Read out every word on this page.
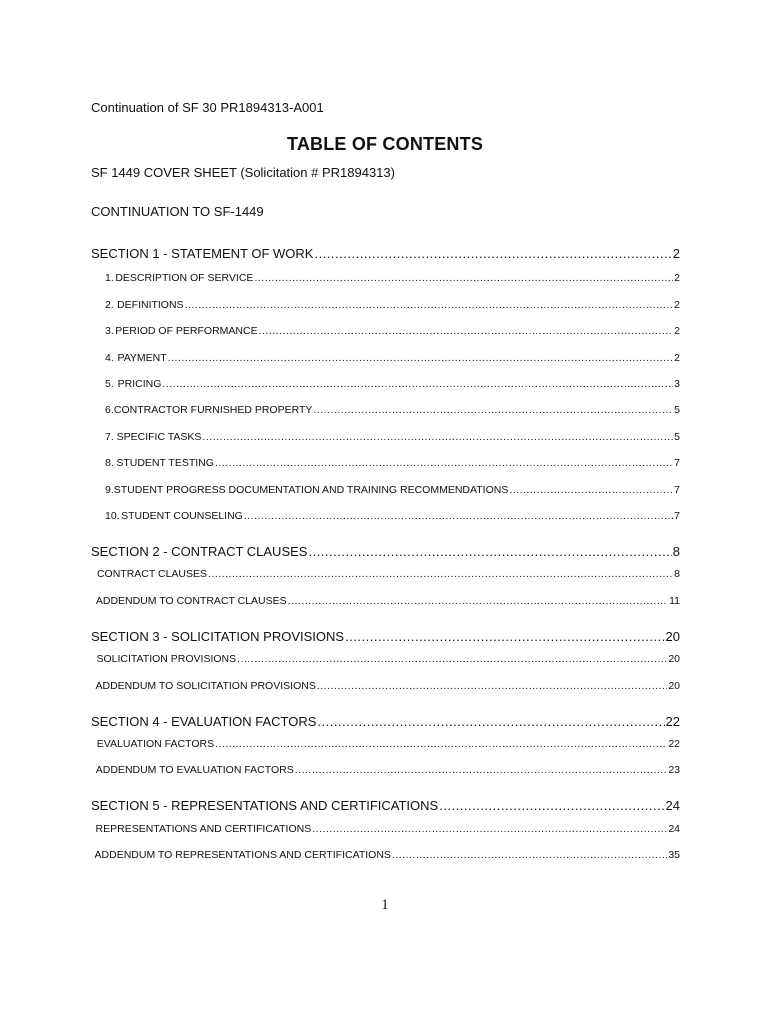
Continuation of SF 30 PR1894313-A001
TABLE OF CONTENTS
SF 1449 COVER SHEET (Solicitation # PR1894313)
CONTINUATION TO SF-1449
SECTION 1 - STATEMENT OF WORK .....	2
1. DESCRIPTION OF SERVICE .....	2
2. DEFINITIONS .....	2
3. PERIOD OF PERFORMANCE .....	2
4. PAYMENT .....	2
5. PRICING .....	3
6. CONTRACTOR FURNISHED PROPERTY .....	5
7. SPECIFIC TASKS .....	5
8. STUDENT TESTING .....	7
9. STUDENT PROGRESS DOCUMENTATION AND TRAINING RECOMMENDATIONS .....	7
10. STUDENT COUNSELING .....	7
SECTION 2 - CONTRACT CLAUSES .....	8
CONTRACT CLAUSES .....	8
ADDENDUM TO CONTRACT CLAUSES .....	11
SECTION 3 - SOLICITATION PROVISIONS .....	20
SOLICITATION PROVISIONS .....	20
ADDENDUM TO SOLICITATION PROVISIONS .....	20
SECTION 4 - EVALUATION FACTORS .....	22
EVALUATION FACTORS .....	22
ADDENDUM TO EVALUATION FACTORS .....	23
SECTION 5 - REPRESENTATIONS AND CERTIFICATIONS .....	24
REPRESENTATIONS AND CERTIFICATIONS .....	24
ADDENDUM TO REPRESENTATIONS AND CERTIFICATIONS .....	35
1
